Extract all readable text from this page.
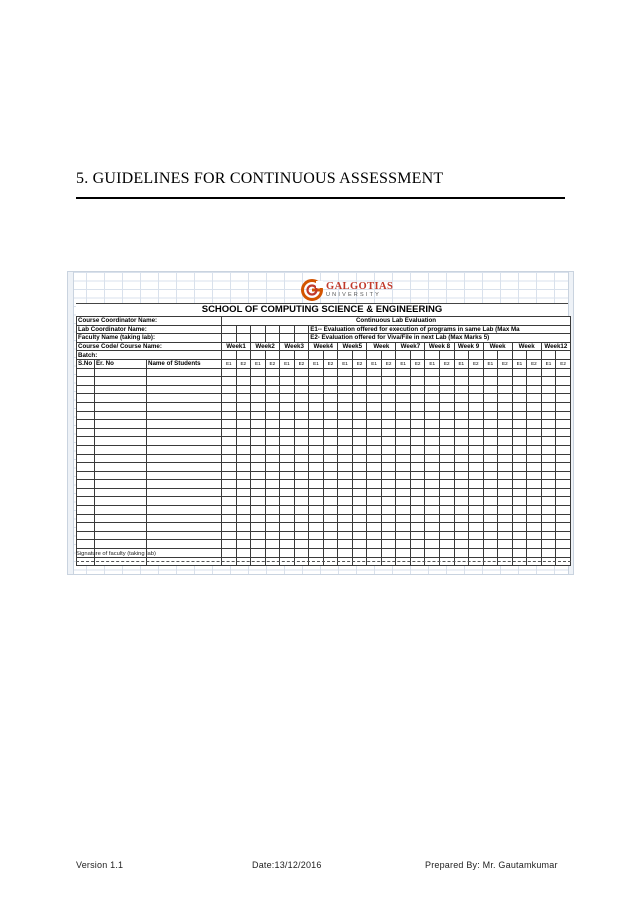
5. GUIDELINES FOR CONTINUOUS ASSESSMENT
GALGOTIAS
UNIVERSITY
SCHOOL OF COMPUTING SCIENCE & ENGINEERING
Course Coordinator Name:			Continuous Lab Evaluation																							
Lab Coordinator Name:									E1-- Evaluation offered for execution of programs in same Lab (Max Ma																	
Faculty Name (taking lab):									E2- Evaluation offered for Viva/File in next Lab (Max Marks 5)																	
Course Code/ Course Name:			Week1		Week2		Week3		Week4		Week5		Week		Week7		Week 8		Week 9		Week		Week		Week12	
Batch:																										
S.No	Er. No	Name of Students	E1	E2	E1	E2	E1	E2	E1	E2	E1	E2	E1	E2	E1	E2	E1	E2	E1	E2	E1	E2	E1	E2	E1	E2

Signature of faculty (taking lab)
Version 1.1	Date:13/12/2016	Prepared By: Mr. Gautamkumar
